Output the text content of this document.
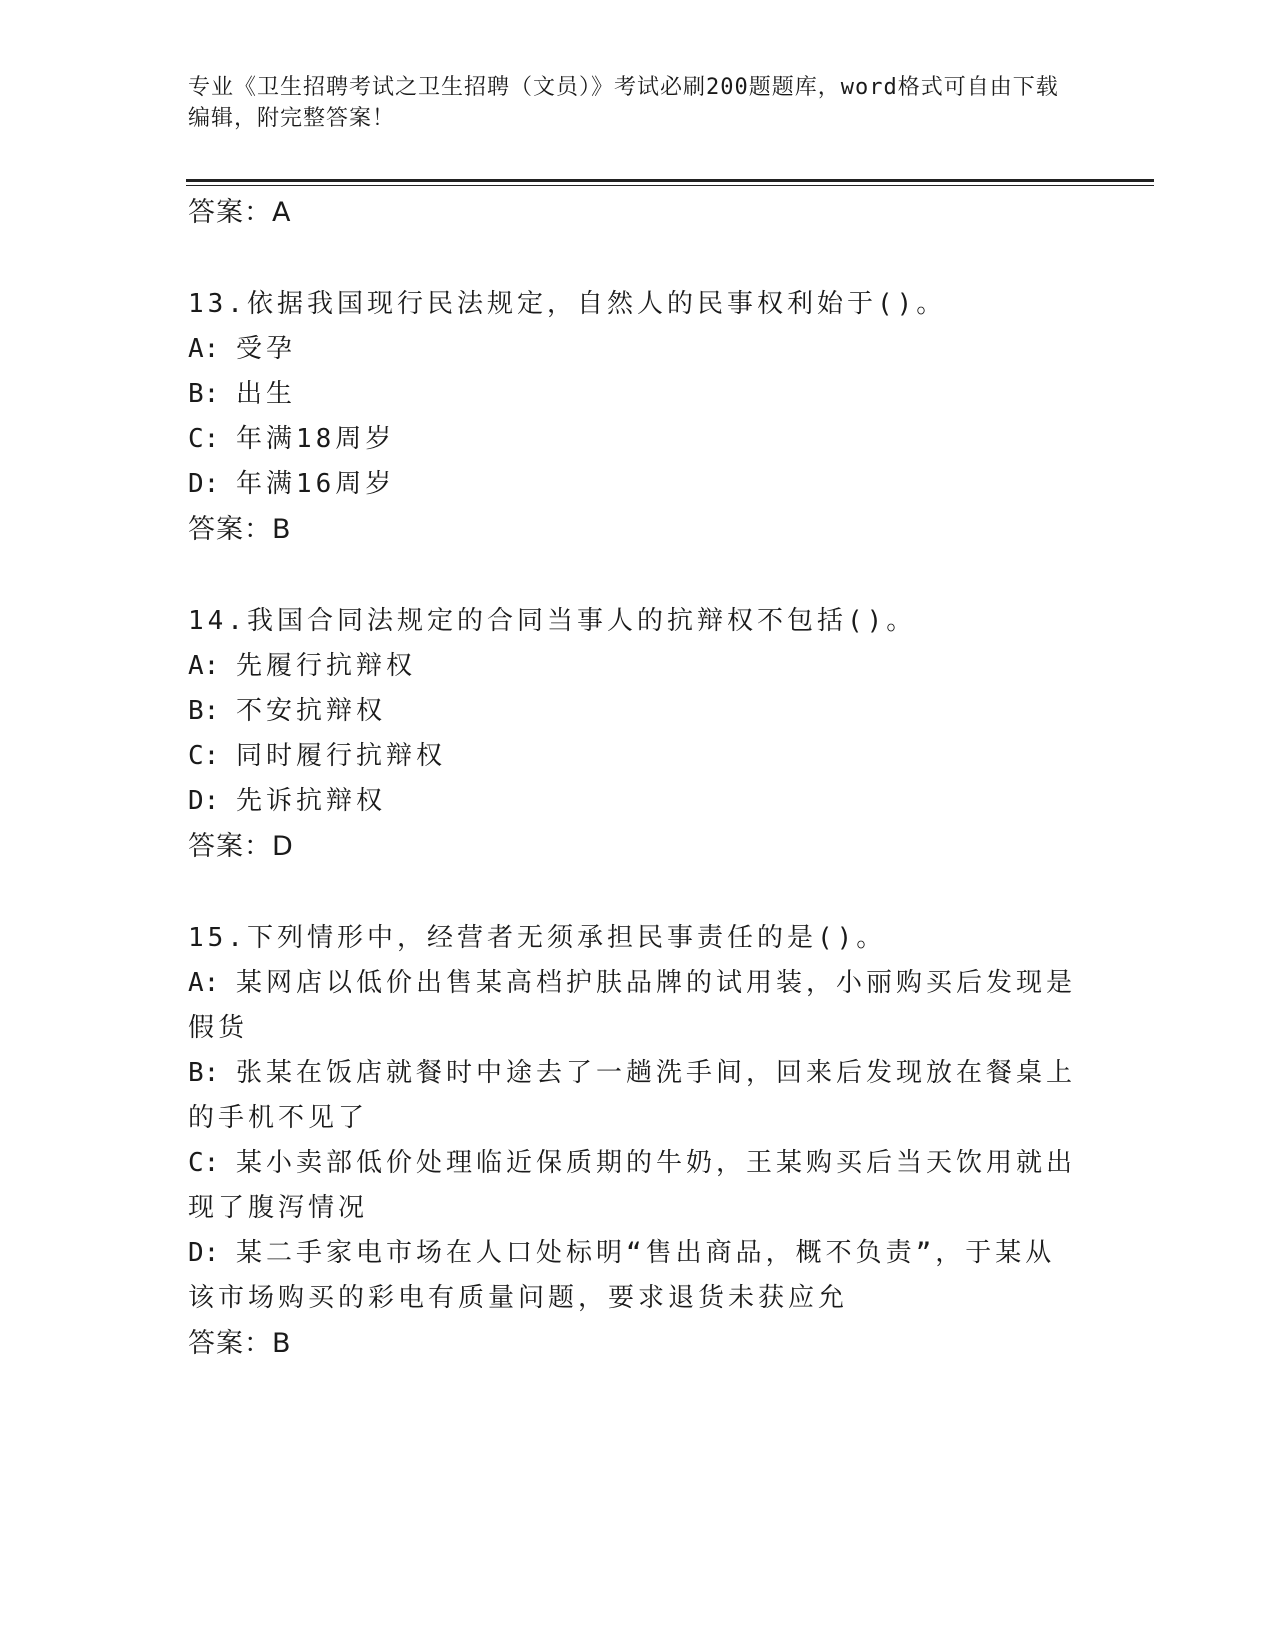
专业《卫生招聘考试之卫生招聘（文员）》考试必刷200题题库，word格式可自由下载编辑，附完整答案！

答案：A

13.依据我国现行民法规定，自然人的民事权利始于()。

A: 受孕

B: 出生

C: 年满18周岁

D: 年满16周岁

答案：B

14.我国合同法规定的合同当事人的抗辩权不包括()。

A: 先履行抗辩权

B: 不安抗辩权

C: 同时履行抗辩权

D: 先诉抗辩权

答案：D

15.下列情形中，经营者无须承担民事责任的是()。

A: 某网店以低价出售某高档护肤品牌的试用装，小丽购买后发现是假货

B: 张某在饭店就餐时中途去了一趟洗手间，回来后发现放在餐桌上的手机不见了

C: 某小卖部低价处理临近保质期的牛奶，王某购买后当天饮用就出现了腹泻情况

D: 某二手家电市场在人口处标明“售出商品，概不负责”，于某从该市场购买的彩电有质量问题，要求退货未获应允

答案：B
